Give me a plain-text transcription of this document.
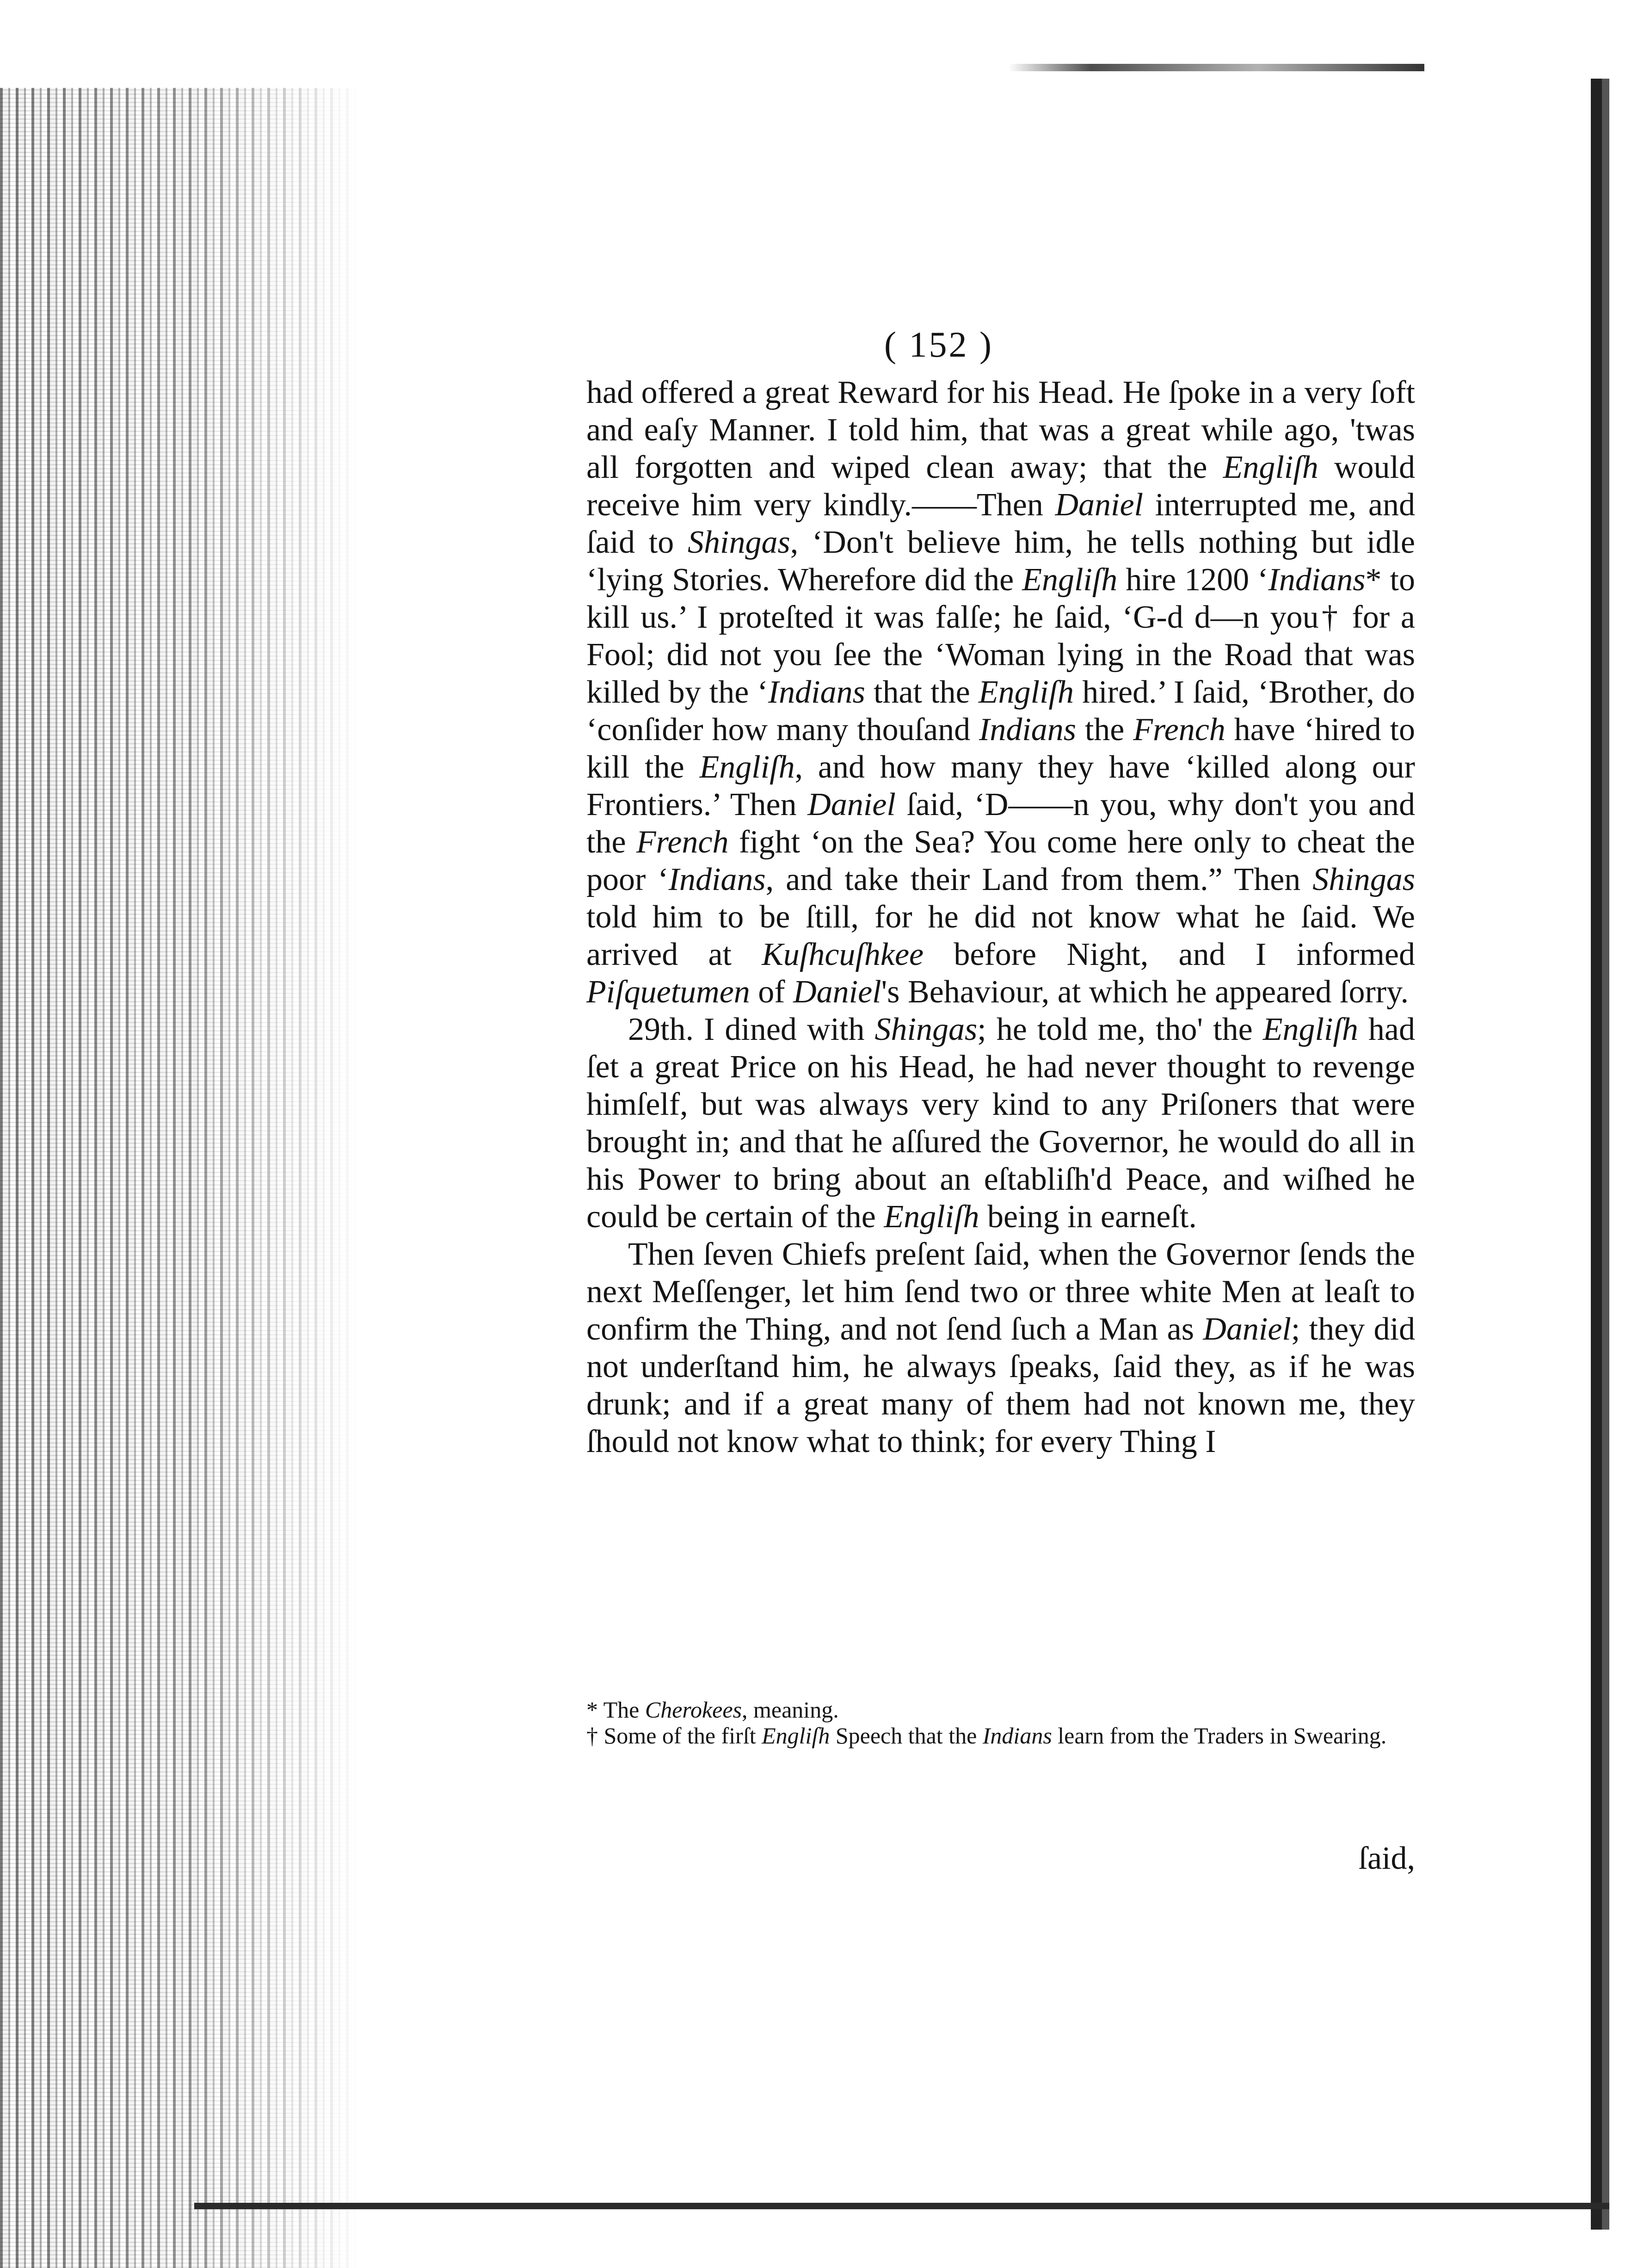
( 152 )

had offered a great Reward for his Head. He ſpoke in a very ſoft and eaſy Manner. I told him, that was a great while ago, 'twas all forgotten and wiped clean away; that the Engliſh would receive him very kindly.——Then Daniel interrupted me, and ſaid to Shingas, ‘Don't believe him, he tells nothing but idle ‘lying Stories. Wherefore did the Engliſh hire 1200 ‘Indians* to kill us.’ I proteſted it was falſe; he ſaid, ‘G-d d—n you† for a Fool; did not you ſee the ‘Woman lying in the Road that was killed by the ‘Indians that the Engliſh hired.’ I ſaid, ‘Brother, do ‘conſider how many thouſand Indians the French have ‘hired to kill the Engliſh, and how many they have ‘killed along our Frontiers.’ Then Daniel ſaid, ‘D——n you, why don't you and the French fight ‘on the Sea? You come here only to cheat the poor ‘Indians, and take their Land from them.” Then Shingas told him to be ſtill, for he did not know what he ſaid. We arrived at Kuſhcuſhkee before Night, and I informed Piſquetumen of Daniel's Behaviour, at which he appeared ſorry.

29th. I dined with Shingas; he told me, tho' the Engliſh had ſet a great Price on his Head, he had never thought to revenge himſelf, but was always very kind to any Priſoners that were brought in; and that he aſſured the Governor, he would do all in his Power to bring about an eſtabliſh'd Peace, and wiſhed he could be certain of the Engliſh being in earneſt.

Then ſeven Chiefs preſent ſaid, when the Governor ſends the next Meſſenger, let him ſend two or three white Men at leaſt to confirm the Thing, and not ſend ſuch a Man as Daniel; they did not underſtand him, he always ſpeaks, ſaid they, as if he was drunk; and if a great many of them had not known me, they ſhould not know what to think; for every Thing I

* The Cherokees, meaning.

† Some of the firſt Engliſh Speech that the Indians learn from the Traders in Swearing.

ſaid,
